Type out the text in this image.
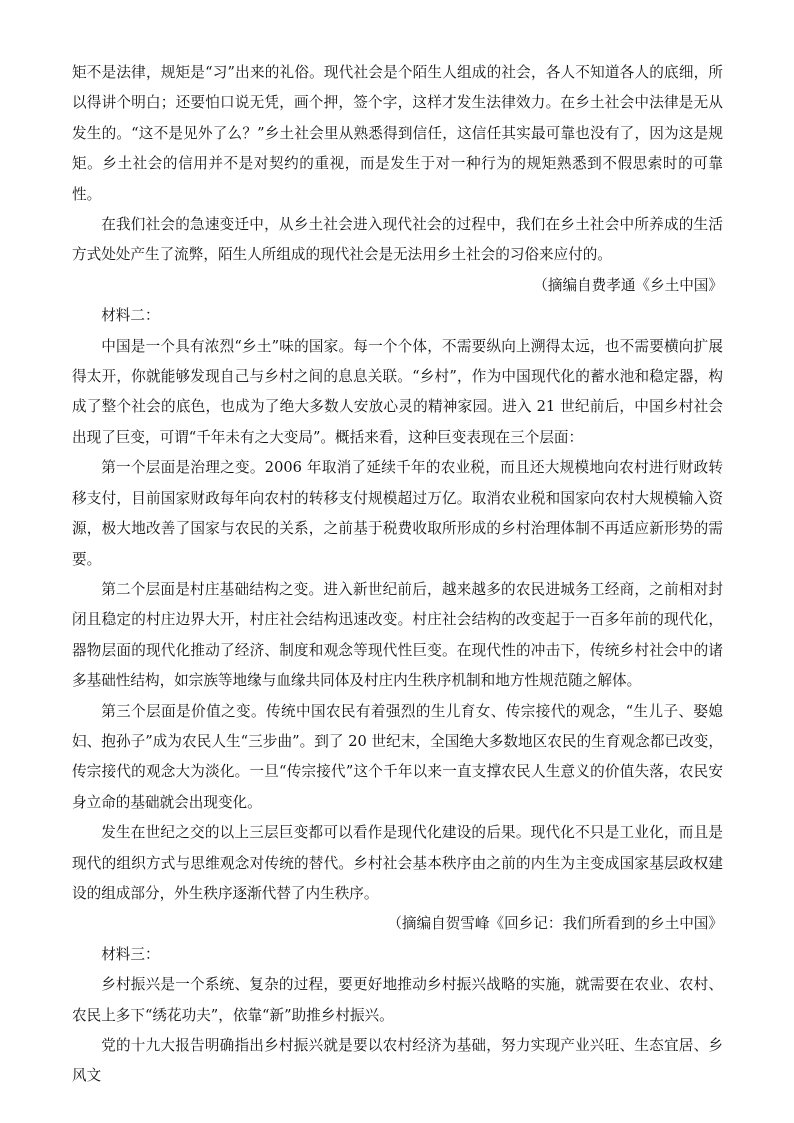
矩不是法律，规矩是“习”出来的礼俗。现代社会是个陌生人组成的社会，各人不知道各人的底细，所以得讲个明白；还要怕口说无凭，画个押，签个字，这样才发生法律效力。在乡土社会中法律是无从发生的。“这不是见外了么？”乡土社会里从熟悉得到信任，这信任其实最可靠也没有了，因为这是规矩。乡土社会的信用并不是对契约的重视，而是发生于对一种行为的规矩熟悉到不假思索时的可靠性。

在我们社会的急速变迁中，从乡土社会进入现代社会的过程中，我们在乡土社会中所养成的生活方式处处产生了流弊，陌生人所组成的现代社会是无法用乡土社会的习俗来应付的。

（摘编自费孝通《乡土中国》

材料二：

中国是一个具有浓烈“乡土”味的国家。每一个个体，不需要纵向上溯得太远，也不需要横向扩展得太开，你就能够发现自己与乡村之间的息息关联。“乡村”，作为中国现代化的蓄水池和稳定器，构成了整个社会的底色，也成为了绝大多数人安放心灵的精神家园。进入 21 世纪前后，中国乡村社会出现了巨变，可谓“千年未有之大变局”。概括来看，这种巨变表现在三个层面：

第一个层面是治理之变。2006 年取消了延续千年的农业税，而且还大规模地向农村进行财政转移支付，目前国家财政每年向农村的转移支付规模超过万亿。取消农业税和国家向农村大规模输入资源，极大地改善了国家与农民的关系，之前基于税费收取所形成的乡村治理体制不再适应新形势的需要。

第二个层面是村庄基础结构之变。进入新世纪前后，越来越多的农民进城务工经商，之前相对封闭且稳定的村庄边界大开，村庄社会结构迅速改变。村庄社会结构的改变起于一百多年前的现代化，器物层面的现代化推动了经济、制度和观念等现代性巨变。在现代性的冲击下，传统乡村社会中的诸多基础性结构，如宗族等地缘与血缘共同体及村庄内生秩序机制和地方性规范随之解体。

第三个层面是价值之变。传统中国农民有着强烈的生儿育女、传宗接代的观念，“生儿子、娶媳妇、抱孙子”成为农民人生“三步曲”。到了 20 世纪末，全国绝大多数地区农民的生育观念都已改变，传宗接代的观念大为淡化。一旦“传宗接代”这个千年以来一直支撑农民人生意义的价值失落，农民安身立命的基础就会出现变化。

发生在世纪之交的以上三层巨变都可以看作是现代化建设的后果。现代化不只是工业化，而且是现代的组织方式与思维观念对传统的替代。乡村社会基本秩序由之前的内生为主变成国家基层政权建设的组成部分，外生秩序逐渐代替了内生秩序。

（摘编自贺雪峰《回乡记：我们所看到的乡土中国》

材料三：

乡村振兴是一个系统、复杂的过程，要更好地推动乡村振兴战略的实施，就需要在农业、农村、农民上多下“绣花功夫”，依靠“新”助推乡村振兴。

党的十九大报告明确指出乡村振兴就是要以农村经济为基础，努力实现产业兴旺、生态宜居、乡风文
